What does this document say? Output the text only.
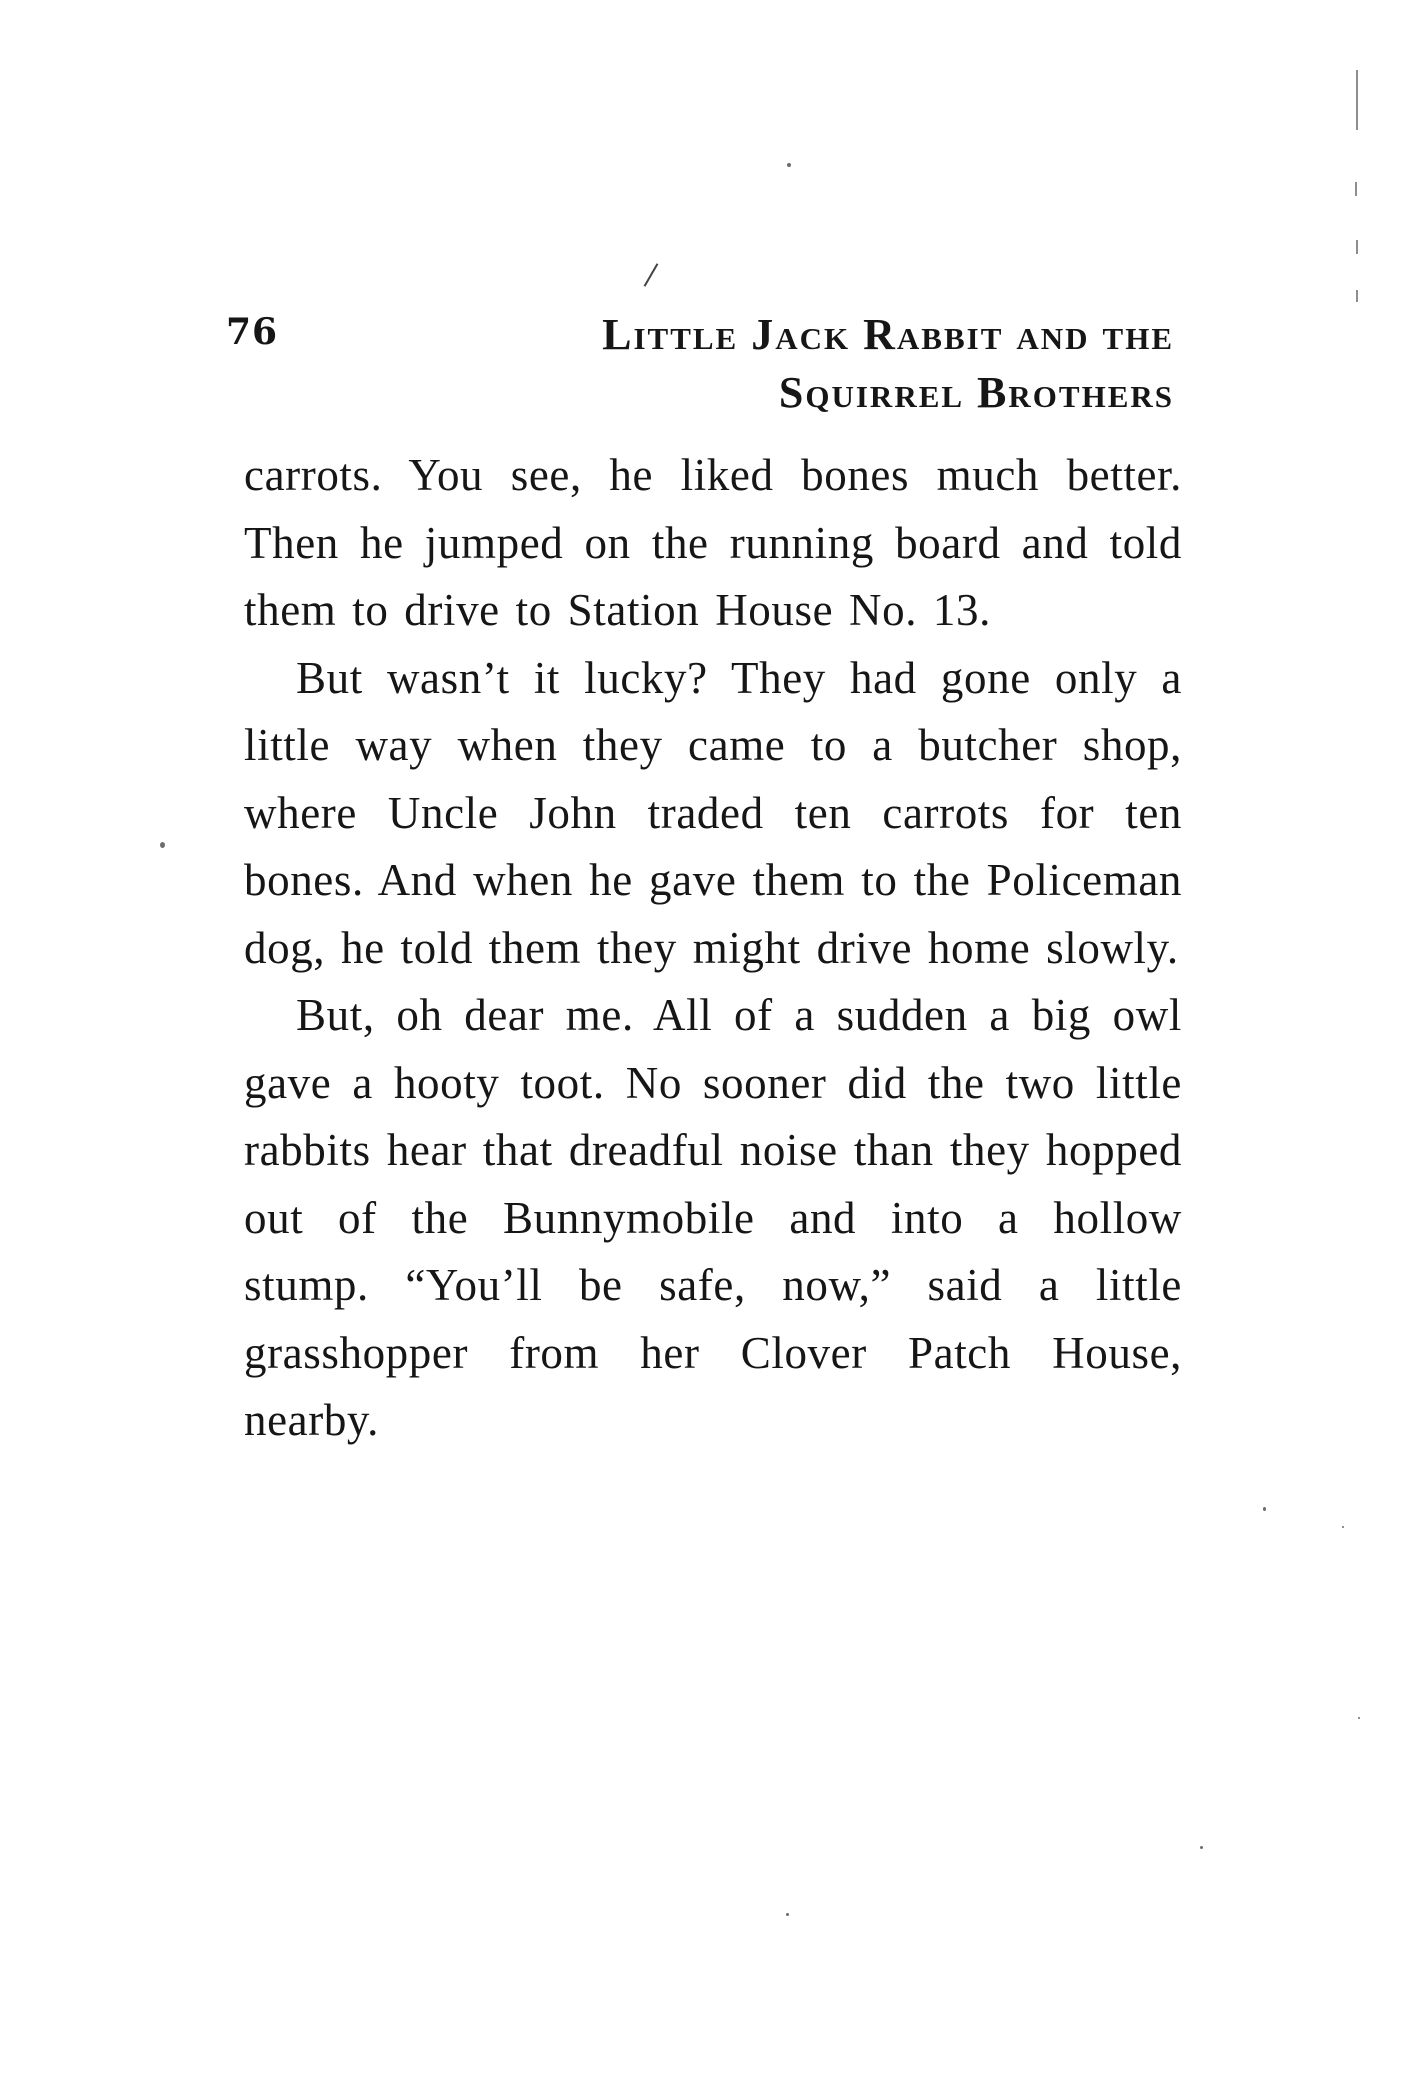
76	Little Jack Rabbit and the
Squirrel Brothers

carrots. You see, he liked bones much better. Then he jumped on the running board and told them to drive to Station House No. 13.

But wasn’t it lucky? They had gone only a little way when they came to a butcher shop, where Uncle John traded ten carrots for ten bones. And when he gave them to the Policeman dog, he told them they might drive home slowly.

But, oh dear me. All of a sudden a big owl gave a hooty toot. No sooner did the two little rabbits hear that dreadful noise than they hopped out of the Bunnymobile and into a hollow stump. “You’ll be safe, now,” said a little grasshopper from her Clover Patch House, nearby.
